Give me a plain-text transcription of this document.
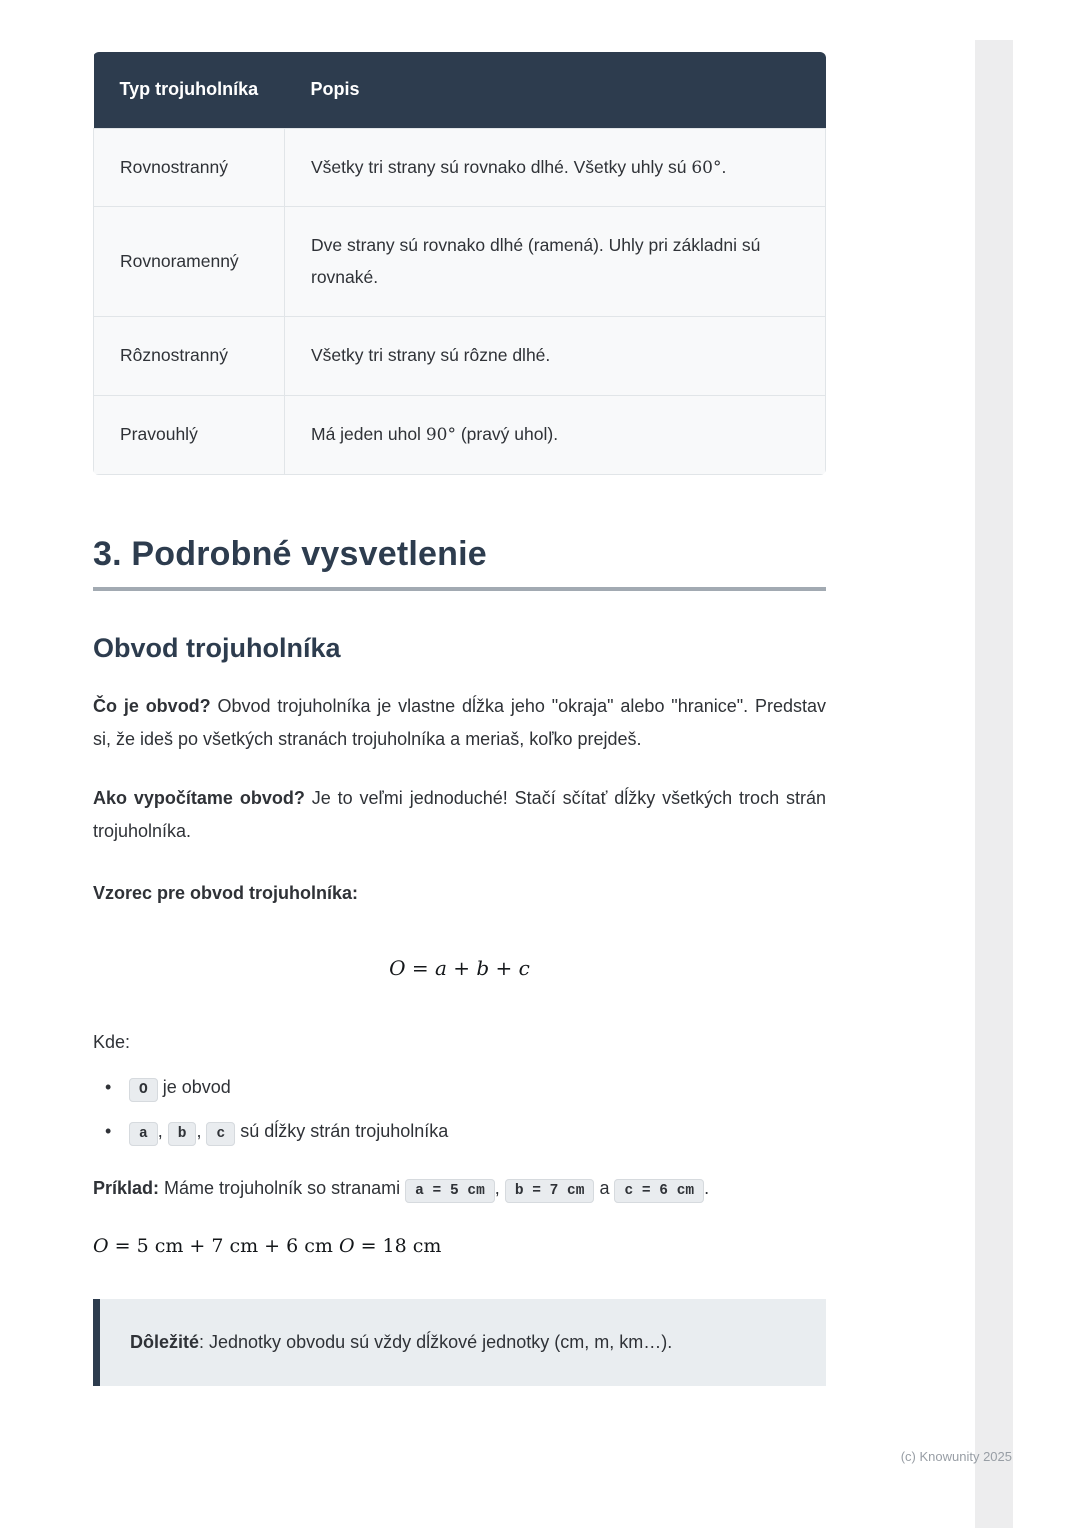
Typ trojuholníka	Popis
Rovnostranný	Všetky tri strany sú rovnako dlhé. Všetky uhly sú 60°.
Rovnoramenný	Dve strany sú rovnako dlhé (ramená). Uhly pri základni sú rovnaké.
Rôznostranný	Všetky tri strany sú rôzne dlhé.
Pravouhlý	Má jeden uhol 90° (pravý uhol).
3. Podrobné vysvetlenie
Obvod trojuholníka

Čo je obvod? Obvod trojuholníka je vlastne dĺžka jeho "okraja" alebo "hranice". Predstav si, že ideš po všetkých stranách trojuholníka a meriaš, koľko prejdeš.

Ako vypočítame obvod? Je to veľmi jednoduché! Stačí sčítať dĺžky všetkých troch strán trojuholníka.

Vzorec pre obvod trojuholníka:

O = a + b + c

Kde:

• O je obvod
• a , b , c sú dĺžky strán trojuholníka

Príklad: Máme trojuholník so stranami a = 5 cm , b = 7 cm a c = 6 cm .

O = 5 cm + 7 cm + 6 cm O = 18 cm

Dôležité: Jednotky obvodu sú vždy dĺžkové jednotky (cm, m, km…).
(c) Knowunity 2025
